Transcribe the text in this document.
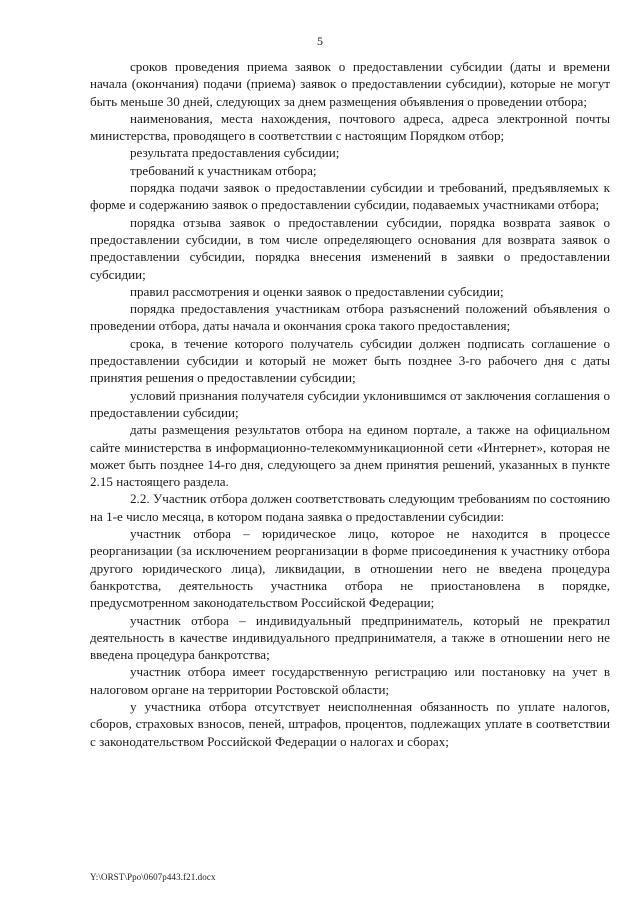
5

сроков проведения приема заявок о предоставлении субсидии (даты и времени начала (окончания) подачи (приема) заявок о предоставлении субсидии), которые не могут быть меньше 30 дней, следующих за днем размещения объявления о проведении отбора;

наименования, места нахождения, почтового адреса, адреса электронной почты министерства, проводящего в соответствии с настоящим Порядком отбор;

результата предоставления субсидии;

требований к участникам отбора;

порядка подачи заявок о предоставлении субсидии и требований, предъявляемых к форме и содержанию заявок о предоставлении субсидии, подаваемых участниками отбора;

порядка отзыва заявок о предоставлении субсидии, порядка возврата заявок о предоставлении субсидии, в том числе определяющего основания для возврата заявок о предоставлении субсидии, порядка внесения изменений в заявки о предоставлении субсидии;

правил рассмотрения и оценки заявок о предоставлении субсидии;

порядка предоставления участникам отбора разъяснений положений объявления о проведении отбора, даты начала и окончания срока такого предоставления;

срока, в течение которого получатель субсидии должен подписать соглашение о предоставлении субсидии и который не может быть позднее 3-го рабочего дня с даты принятия решения о предоставлении субсидии;

условий признания получателя субсидии уклонившимся от заключения соглашения о предоставлении субсидии;

даты размещения результатов отбора на едином портале, а также на официальном сайте министерства в информационно-телекоммуникационной сети «Интернет», которая не может быть позднее 14-го дня, следующего за днем принятия решений, указанных в пункте 2.15 настоящего раздела.

2.2. Участник отбора должен соответствовать следующим требованиям по состоянию на 1-е число месяца, в котором подана заявка о предоставлении субсидии:

участник отбора – юридическое лицо, которое не находится в процессе реорганизации (за исключением реорганизации в форме присоединения к участнику отбора другого юридического лица), ликвидации, в отношении него не введена процедура банкротства, деятельность участника отбора не приостановлена в порядке, предусмотренном законодательством Российской Федерации;

участник отбора – индивидуальный предприниматель, который не прекратил деятельность в качестве индивидуального предпринимателя, а также в отношении него не введена процедура банкротства;

участник отбора имеет государственную регистрацию или постановку на учет в налоговом органе на территории Ростовской области;

у участника отбора отсутствует неисполненная обязанность по уплате налогов, сборов, страховых взносов, пеней, штрафов, процентов, подлежащих уплате в соответствии с законодательством Российской Федерации о налогах и сборах;

Y:\ORST\Ppo\0607p443.f21.docx
